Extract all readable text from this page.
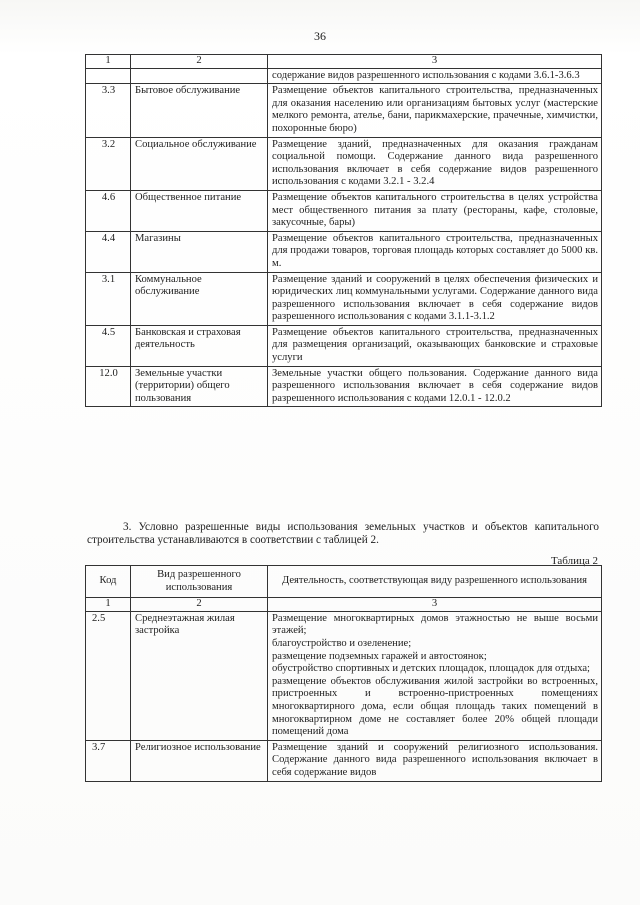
36
1	2	3
		содержание видов разрешенного использования с кодами 3.6.1-3.6.3
3.3	Бытовое обслуживание	Размещение объектов капитального строительства, предназначенных для оказания населению или организациям бытовых услуг (мастерские мелкого ремонта, ателье, бани, парикмахерские, прачечные, химчистки, похоронные бюро)
3.2	Социальное обслуживание	Размещение зданий, предназначенных для оказания гражданам социальной помощи. Содержание данного вида разрешенного использования включает в себя содержание видов разрешенного использования с кодами 3.2.1 - 3.2.4
4.6	Общественное питание	Размещение объектов капитального строительства в целях устройства мест общественного питания за плату (рестораны, кафе, столовые, закусочные, бары)
4.4	Магазины	Размещение объектов капитального строительства, предназначенных для продажи товаров, торговая площадь которых составляет до 5000 кв. м.
3.1	Коммунальное обслуживание	Размещение зданий и сооружений в целях обеспечения физических и юридических лиц коммунальными услугами. Содержание данного вида разрешенного использования включает в себя содержание видов разрешенного использования с кодами 3.1.1-3.1.2
4.5	Банковская и страховая деятельность	Размещение объектов капитального строительства, предназначенных для размещения организаций, оказывающих банковские и страховые услуги
12.0	Земельные участки (территории) общего пользования	Земельные участки общего пользования. Содержание данного вида разрешенного использования включает в себя содержание видов разрешенного использования с кодами 12.0.1 - 12.0.2
3. Условно разрешенные виды использования земельных участков и объектов капитального строительства устанавливаются в соответствии с таблицей 2.
Таблица 2
Код	Вид разрешенного использования	Деятельность, соответствующая виду разрешенного использования
1	2	3
2.5	Среднеэтажная жилая застройка	Размещение многоквартирных домов этажностью не выше восьми этажей;
благоустройство и озеленение;
размещение подземных гаражей и автостоянок;
обустройство спортивных и детских площадок, площадок для отдыха;
размещение объектов обслуживания жилой застройки во встроенных, пристроенных и встроенно-пристроенных помещениях многоквартирного дома, если общая площадь таких помещений в многоквартирном доме не составляет более 20% общей площади помещений дома

3.7	Религиозное использование	Размещение зданий и сооружений религиозного использования. Содержание данного вида разрешенного использования включает в себя содержание видов
